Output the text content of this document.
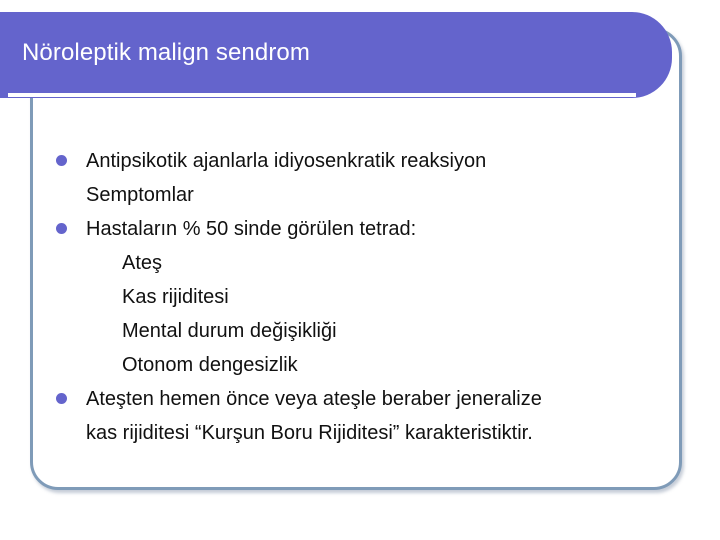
Nöroleptik malign sendrom
Antipsikotik ajanlarla idiyosenkratik reaksiyon
Semptomlar
Hastaların % 50 sinde görülen tetrad:
Ateş
Kas rijiditesi
Mental durum değişikliği
Otonom dengesizlik
Ateşten hemen önce veya ateşle beraber jeneralize
kas rijiditesi “Kurşun Boru Rijiditesi” karakteristiktir.
